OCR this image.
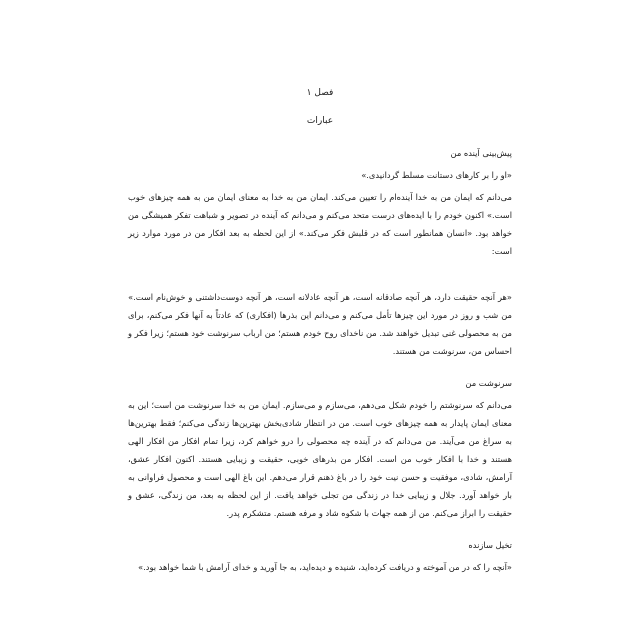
فصل ۱

عبارات

پیش‌بینی آینده من

«او را بر کارهای دستانت مسلط گردانیدی.»

می‌دانم که ایمان من به خدا آینده‌ام را تعیین می‌کند. ایمان من به خدا به معنای ایمان من به همه چیزهای خوب است.» اکنون خودم را با ایده‌های درست متحد می‌کنم و می‌دانم که آینده در تصویر و شباهت تفکر همیشگی من خواهد بود. «انسان همانطور است که در قلبش فکر می‌کند.» از این لحظه به بعد افکار من در مورد موارد زیر است:

«هر آنچه حقیقت دارد، هر آنچه صادقانه است، هر آنچه عادلانه است، هر آنچه دوست‌داشتنی و خوش‌نام است.» من شب و روز در مورد این چیزها تأمل می‌کنم و می‌دانم این بذرها (افکاری) که عادتاً به آنها فکر می‌کنم، برای من به محصولی غنی تبدیل خواهند شد. من ناخدای روح خودم هستم؛ من ارباب سرنوشت خود هستم؛ زیرا فکر و احساس من، سرنوشت من هستند.

سرنوشت من

می‌دانم که سرنوشتم را خودم شکل می‌دهم، می‌سازم و می‌سازم. ایمان من به خدا سرنوشت من است؛ این به معنای ایمان پایدار به همه چیزهای خوب است. من در انتظار شادی‌بخش بهترین‌ها زندگی می‌کنم؛ فقط بهترین‌ها به سراغ من می‌آیند. من می‌دانم که در آینده چه محصولی را درو خواهم کرد، زیرا تمام افکار من افکار الهی هستند و خدا با افکار خوب من است. افکار من بذرهای خوبی، حقیقت و زیبایی هستند. اکنون افکار عشق، آرامش، شادی، موفقیت و حسن نیت خود را در باغ ذهنم قرار می‌دهم. این باغ الهی است و محصول فراوانی به بار خواهد آورد. جلال و زیبایی خدا در زندگی من تجلی خواهد یافت. از این لحظه به بعد، من زندگی، عشق و حقیقت را ابراز می‌کنم. من از همه جهات با شکوه شاد و مرفه هستم. متشکرم پدر.

تخیل سازنده

«آنچه را که در من آموخته و دریافت کرده‌اید، شنیده و دیده‌اید، به جا آورید و خدای آرامش با شما خواهد بود.»
